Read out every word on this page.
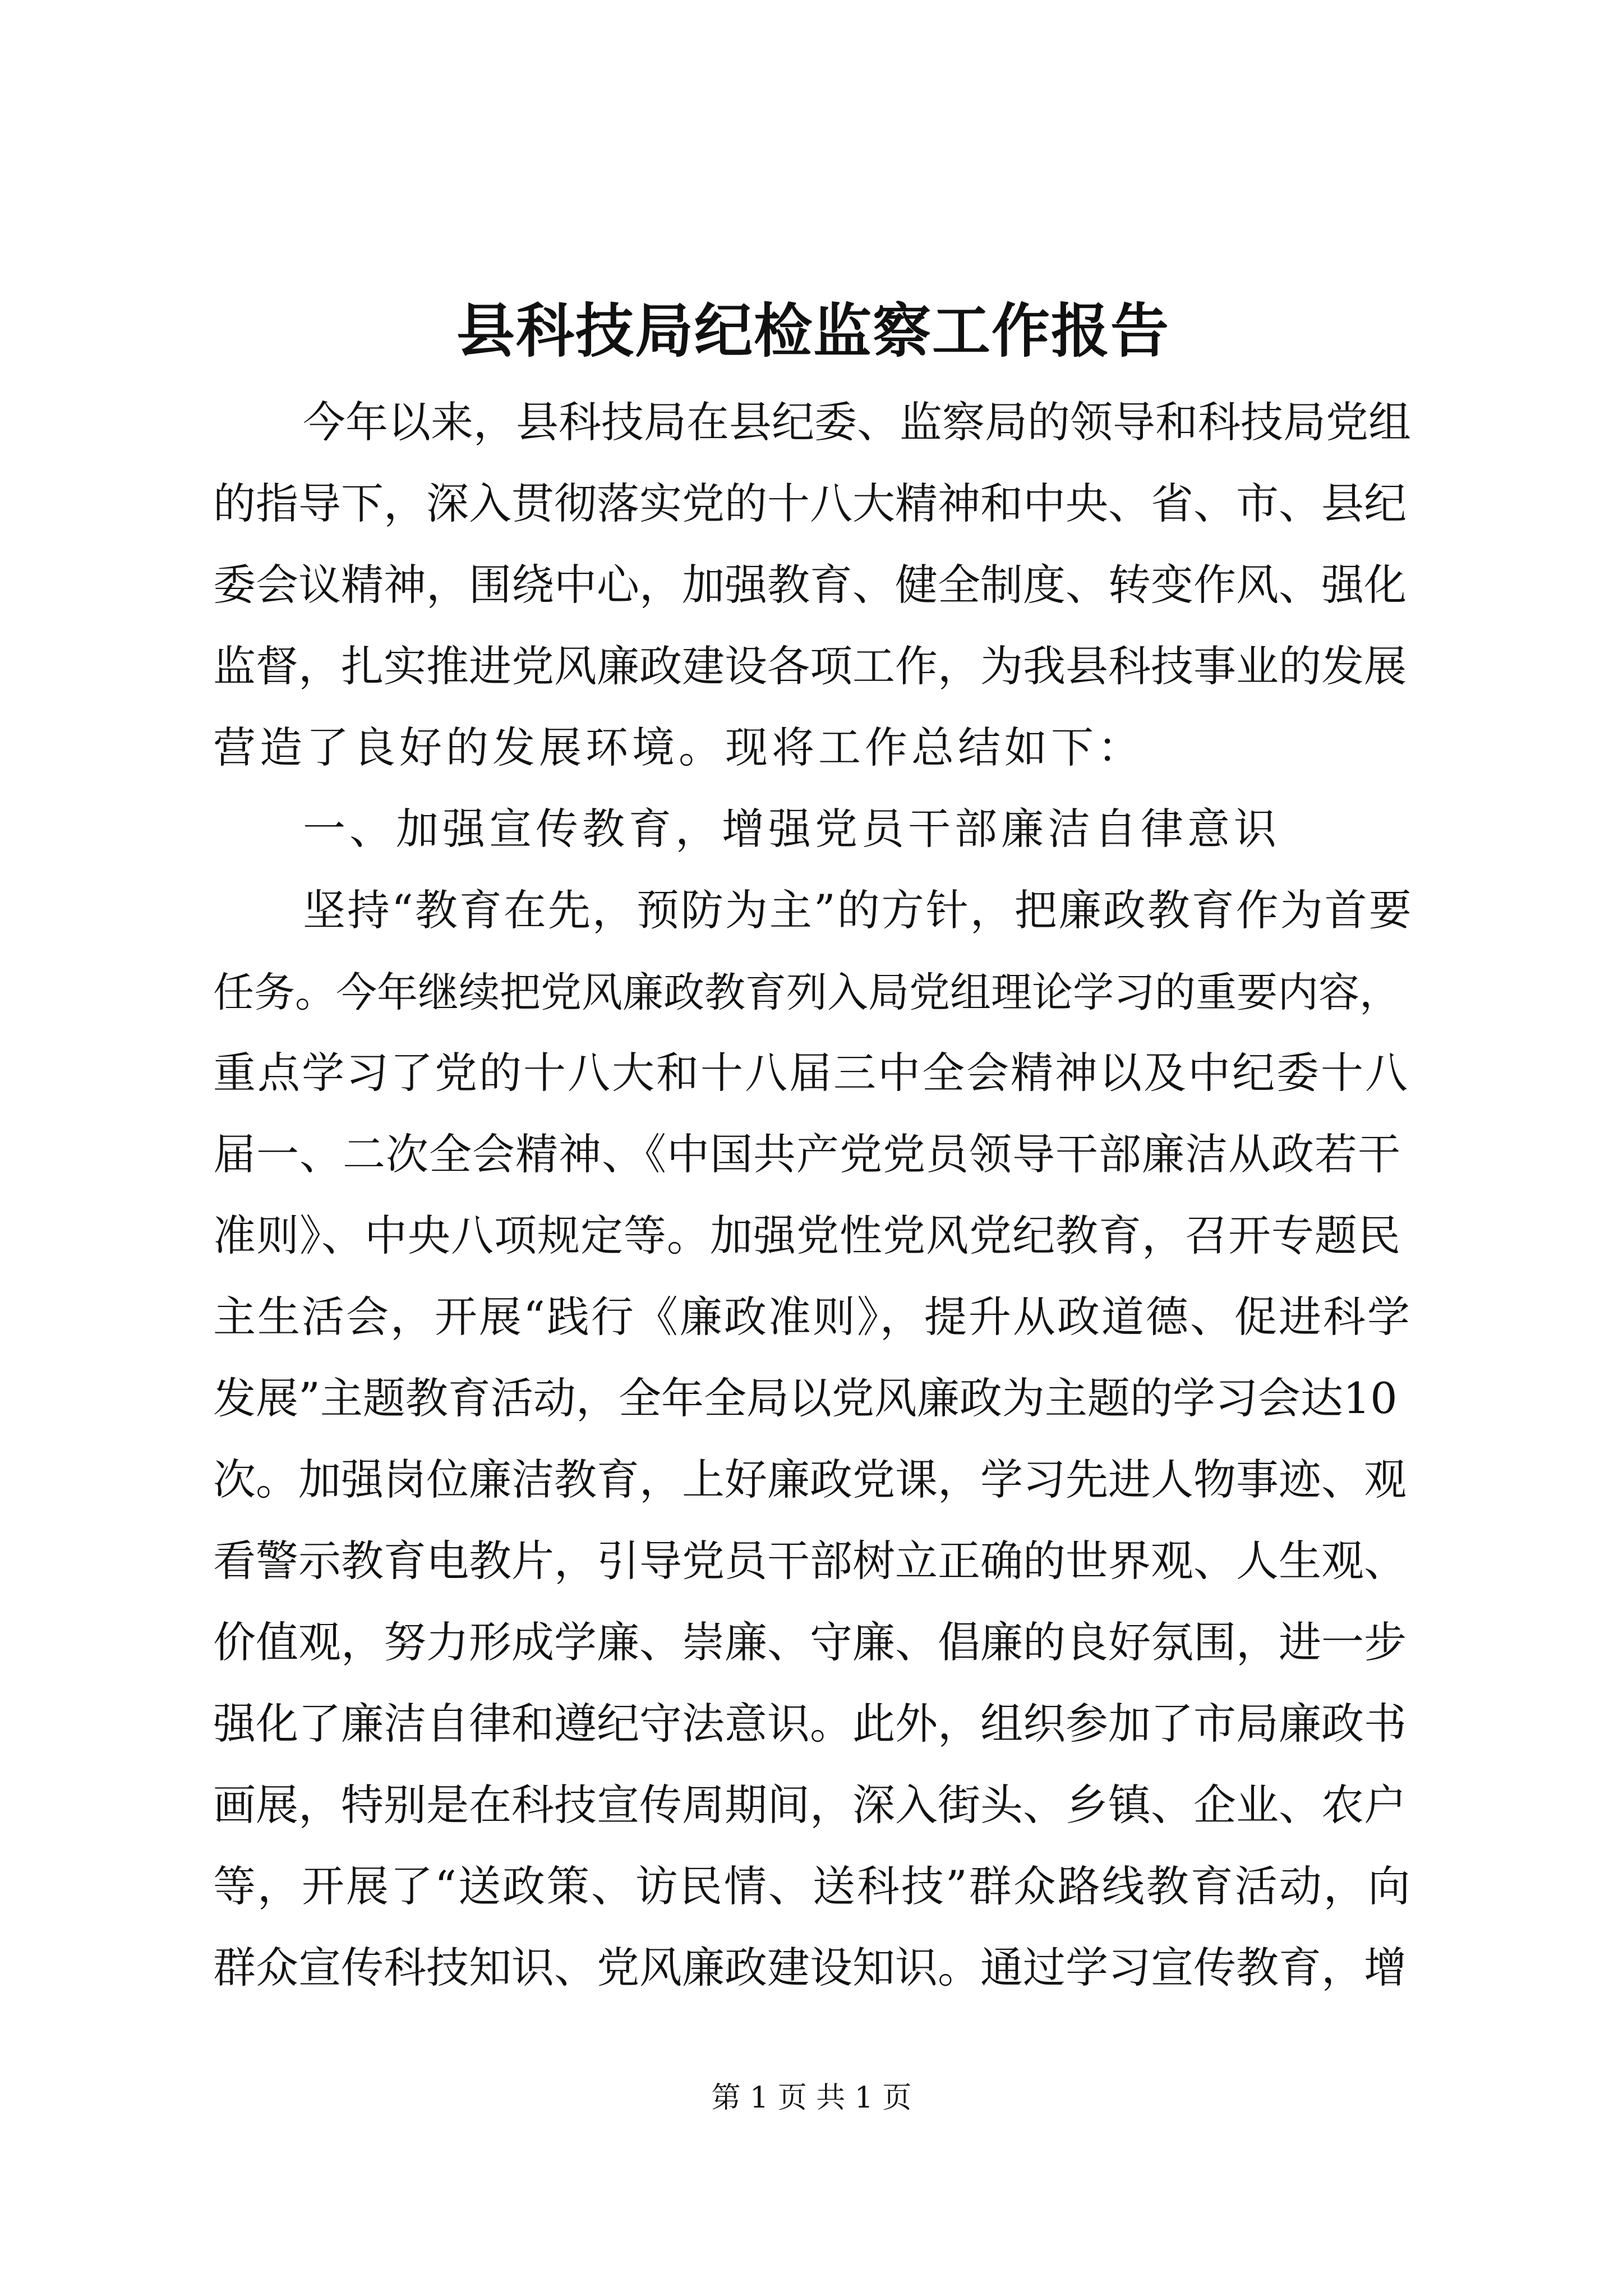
县科技局纪检监察工作报告
今年以来，县科技局在县纪委、监察局的领导和科技局党组
的指导下，深入贯彻落实党的十八大精神和中央、省、市、县纪
委会议精神，围绕中心，加强教育、健全制度、转变作风、强化
监督，扎实推进党风廉政建设各项工作，为我县科技事业的发展
营造了良好的发展环境。现将工作总结如下：
一、加强宣传教育，增强党员干部廉洁自律意识
坚持“教育在先，预防为主”的方针，把廉政教育作为首要
任务。今年继续把党风廉政教育列入局党组理论学习的重要内容，
重点学习了党的十八大和十八届三中全会精神以及中纪委十八
届一、二次全会精神、《中国共产党党员领导干部廉洁从政若干
准则》、中央八项规定等。加强党性党风党纪教育，召开专题民
主生活会，开展“践行《廉政准则》，提升从政道德、促进科学
发展”主题教育活动，全年全局以党风廉政为主题的学习会达10
次。加强岗位廉洁教育，上好廉政党课，学习先进人物事迹、观
看警示教育电教片，引导党员干部树立正确的世界观、人生观、
价值观，努力形成学廉、崇廉、守廉、倡廉的良好氛围，进一步
强化了廉洁自律和遵纪守法意识。此外，组织参加了市局廉政书
画展，特别是在科技宣传周期间，深入街头、乡镇、企业、农户
等，开展了“送政策、访民情、送科技”群众路线教育活动，向
群众宣传科技知识、党风廉政建设知识。通过学习宣传教育，增
第 1 页 共 1 页
